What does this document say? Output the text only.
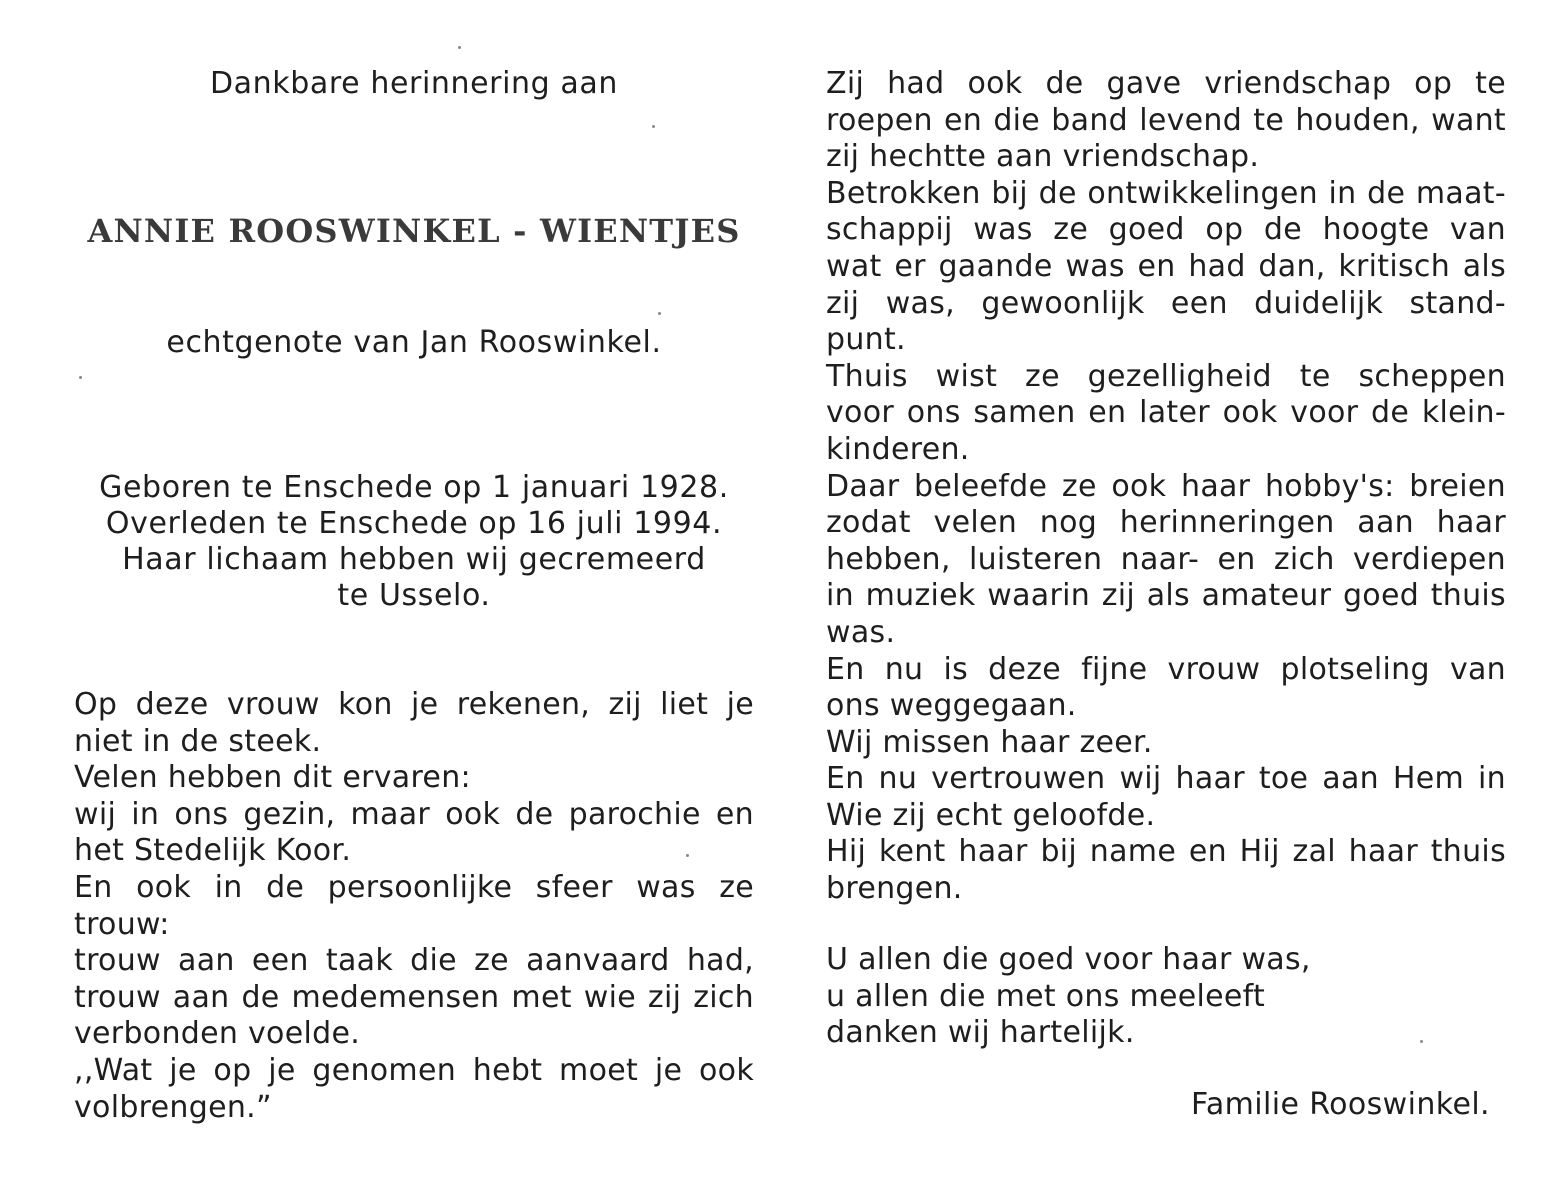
Dankbare herinnering aan
ANNIE ROOSWINKEL - WIENTJES
echtgenote van Jan Rooswinkel.
Geboren te Enschede op 1 januari 1928.
Overleden te Enschede op 16 juli 1994.
Haar lichaam hebben wij gecremeerd
te Usselo.
Op deze vrouw kon je rekenen, zij liet je
niet in de steek.
Velen hebben dit ervaren:
wij in ons gezin, maar ook de parochie en
het Stedelijk Koor.
En ook in de persoonlijke sfeer was ze
trouw:
trouw aan een taak die ze aanvaard had,
trouw aan de medemensen met wie zij zich
verbonden voelde.
,,Wat je op je genomen hebt moet je ook
volbrengen.”
Zij had ook de gave vriendschap op te
roepen en die band levend te houden, want
zij hechtte aan vriendschap.
Betrokken bij de ontwikkelingen in de maat-
schappij was ze goed op de hoogte van
wat er gaande was en had dan, kritisch als
zij was, gewoonlijk een duidelijk stand-
punt.
Thuis wist ze gezelligheid te scheppen
voor ons samen en later ook voor de klein-
kinderen.
Daar beleefde ze ook haar hobby's: breien
zodat velen nog herinneringen aan haar
hebben, luisteren naar- en zich verdiepen
in muziek waarin zij als amateur goed thuis
was.
En nu is deze fijne vrouw plotseling van
ons weggegaan.
Wij missen haar zeer.
En nu vertrouwen wij haar toe aan Hem in
Wie zij echt geloofde.
Hij kent haar bij name en Hij zal haar thuis
brengen.
U allen die goed voor haar was,
u allen die met ons meeleeft
danken wij hartelijk.
Familie Rooswinkel.
